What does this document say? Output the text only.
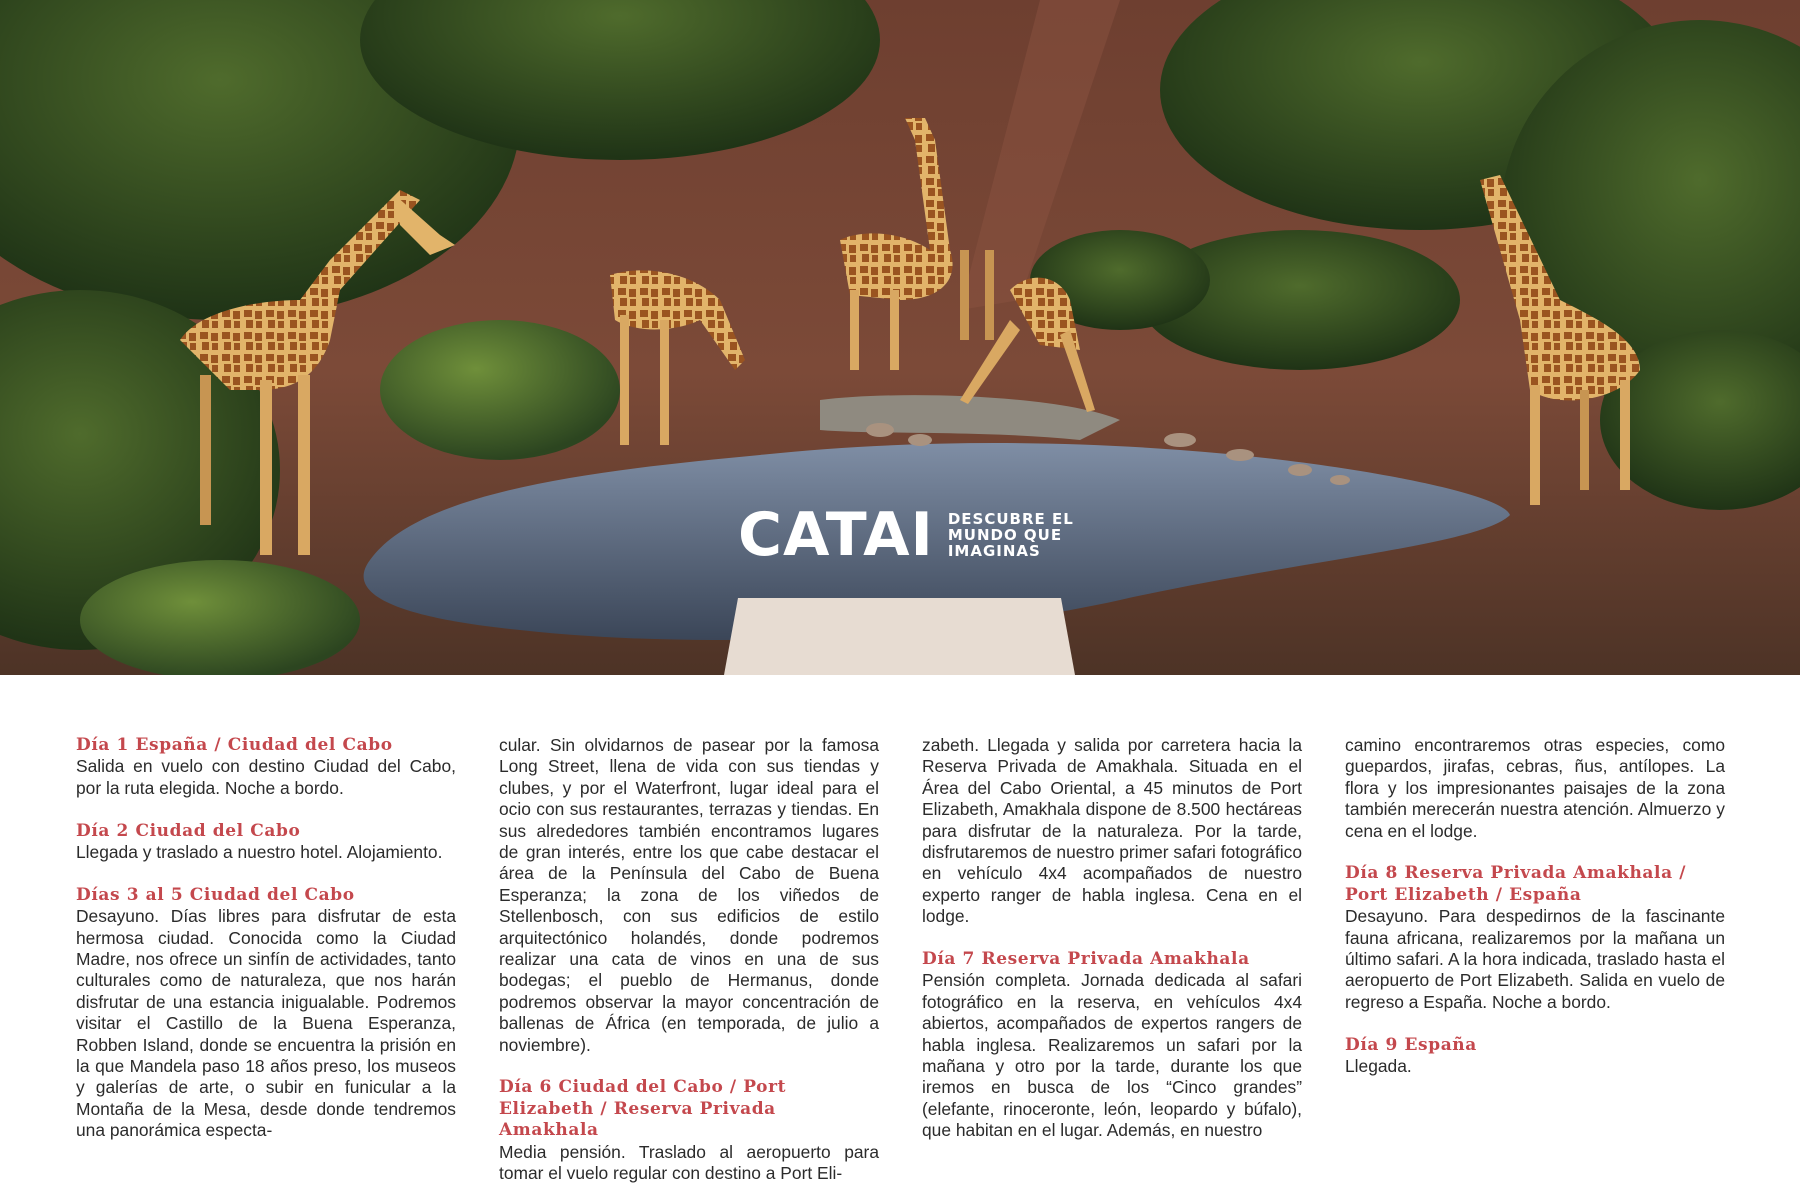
CATAI DESCUBRE EL
MUNDO QUE
IMAGINAS
Día 1 España / Ciudad del Cabo

Salida en vuelo con destino Ciudad del Cabo, por la ruta elegida. Noche a bordo.

Día 2 Ciudad del Cabo

Llegada y traslado a nuestro hotel. Alojamiento.

Días 3 al 5 Ciudad del Cabo

Desayuno. Días libres para disfrutar de esta hermosa ciudad. Conocida como la Ciudad Madre, nos ofrece un sinfín de actividades, tanto culturales como de naturaleza, que nos harán disfrutar de una estancia inigualable. Podremos visitar el Castillo de la Buena Esperanza, Robben Island, donde se encuentra la prisión en la que Mandela paso 18 años preso, los museos y galerías de arte, o subir en funicular a la Montaña de la Mesa, desde donde tendremos una panorámica especta-

cular. Sin olvidarnos de pasear por la famosa Long Street, llena de vida con sus tiendas y clubes, y por el Waterfront, lugar ideal para el ocio con sus restaurantes, terrazas y tiendas. En sus alrededores también encontramos lugares de gran interés, entre los que cabe destacar el área de la Península del Cabo de Buena Esperanza; la zona de los viñedos de Stellenbosch, con sus edificios de estilo arquitectónico holandés, donde podremos realizar una cata de vinos en una de sus bodegas; el pueblo de Hermanus, donde podremos observar la mayor concentración de ballenas de África (en temporada, de julio a noviembre).

Día 6 Ciudad del Cabo / Port Elizabeth / Reserva Privada Amakhala

Media pensión. Traslado al aeropuerto para tomar el vuelo regular con destino a Port Eli-

zabeth. Llegada y salida por carretera hacia la Reserva Privada de Amakhala. Situada en el Área del Cabo Oriental, a 45 minutos de Port Elizabeth, Amakhala dispone de 8.500 hectáreas para disfrutar de la naturaleza. Por la tarde, disfrutaremos de nuestro primer safari fotográfico en vehículo 4x4 acompañados de nuestro experto ranger de habla inglesa. Cena en el lodge.

Día 7 Reserva Privada Amakhala

Pensión completa. Jornada dedicada al safari fotográfico en la reserva, en vehículos 4x4 abiertos, acompañados de expertos rangers de habla inglesa. Realizaremos un safari por la mañana y otro por la tarde, durante los que iremos en busca de los “Cinco grandes” (elefante, rinoceronte, león, leopardo y búfalo), que habitan en el lugar. Además, en nuestro

camino encontraremos otras especies, como guepardos, jirafas, cebras, ñus, antílopes. La flora y los impresionantes paisajes de la zona también merecerán nuestra atención. Almuerzo y cena en el lodge.

Día 8 Reserva Privada Amakhala / Port Elizabeth / España

Desayuno. Para despedirnos de la fascinante fauna africana, realizaremos por la mañana un último safari. A la hora indicada, traslado hasta el aeropuerto de Port Elizabeth. Salida en vuelo de regreso a España. Noche a bordo.

Día 9 España

Llegada.
